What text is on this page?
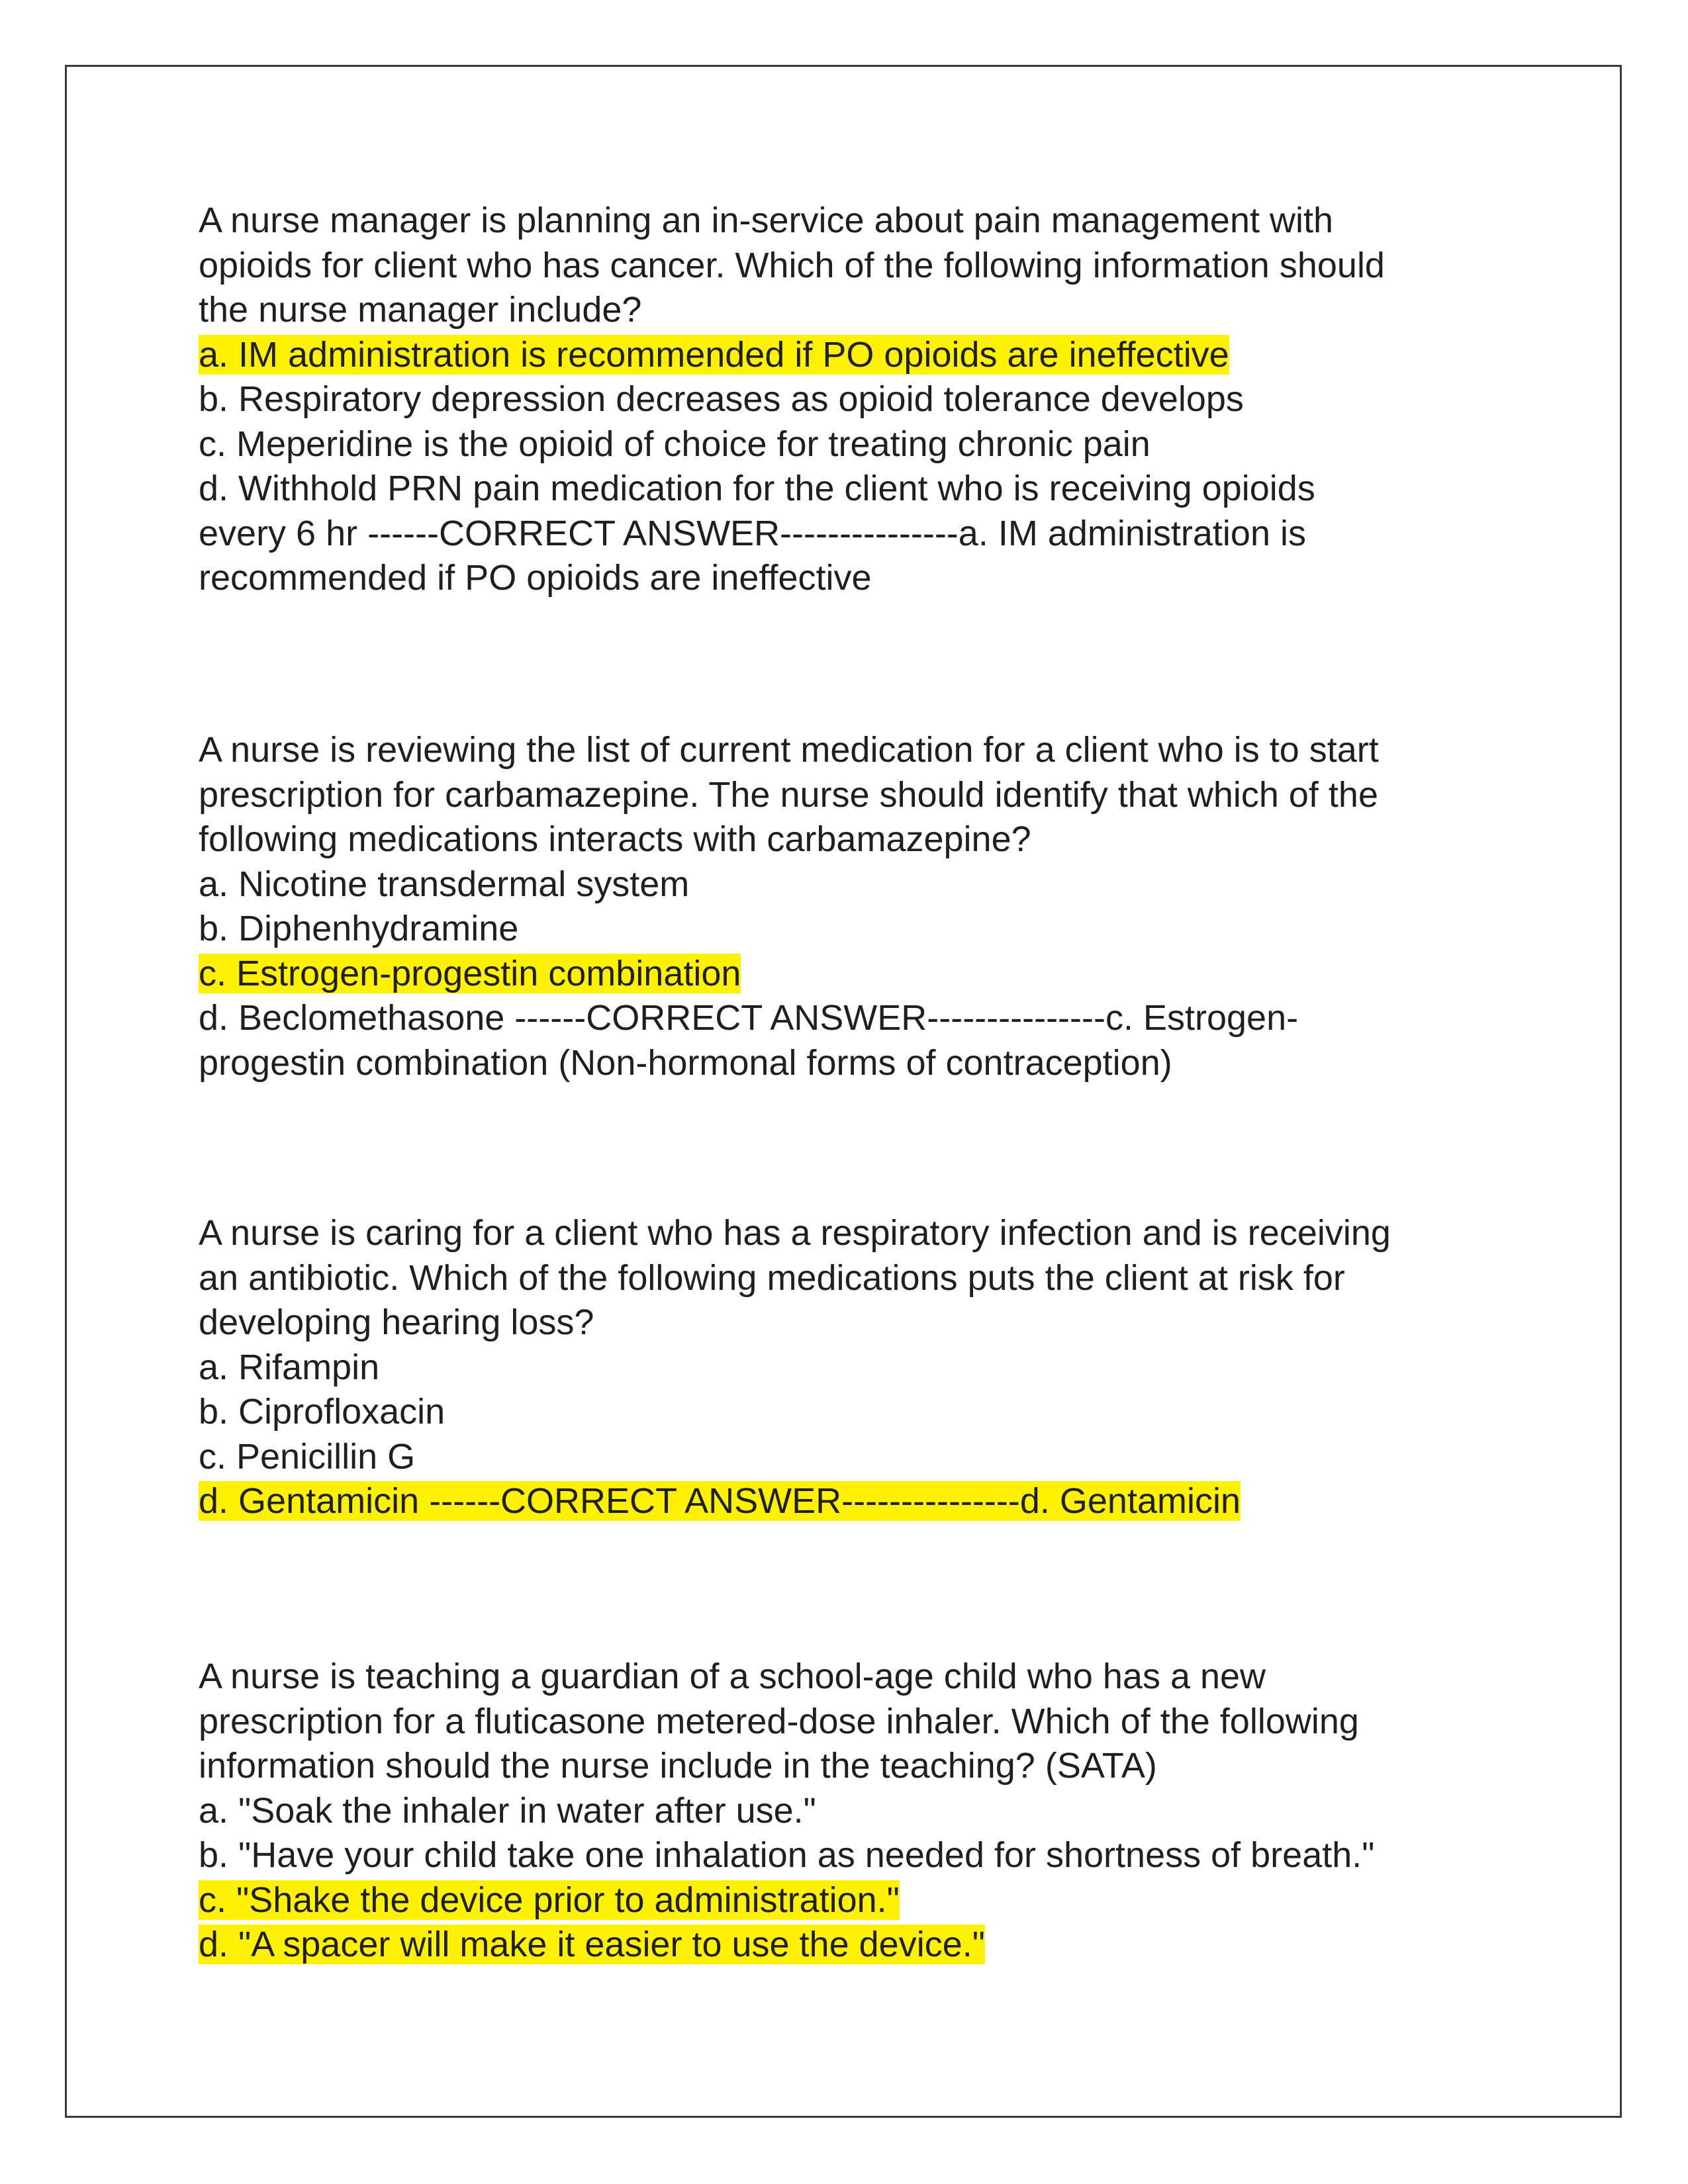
A nurse manager is planning an in-service about pain management with

opioids for client who has cancer. Which of the following information should

the nurse manager include?

a. IM administration is recommended if PO opioids are ineffective

b. Respiratory depression decreases as opioid tolerance develops

c. Meperidine is the opioid of choice for treating chronic pain

d. Withhold PRN pain medication for the client who is receiving opioids

every 6 hr ------CORRECT ANSWER---------------a. IM administration is

recommended if PO opioids are ineffective

A nurse is reviewing the list of current medication for a client who is to start

prescription for carbamazepine. The nurse should identify that which of the

following medications interacts with carbamazepine?

a. Nicotine transdermal system

b. Diphenhydramine

c. Estrogen-progestin combination

d. Beclomethasone ------CORRECT ANSWER---------------c. Estrogen-

progestin combination (Non-hormonal forms of contraception)

A nurse is caring for a client who has a respiratory infection and is receiving

an antibiotic. Which of the following medications puts the client at risk for

developing hearing loss?

a. Rifampin

b. Ciprofloxacin

c. Penicillin G

d. Gentamicin ------CORRECT ANSWER---------------d. Gentamicin

A nurse is teaching a guardian of a school-age child who has a new

prescription for a fluticasone metered-dose inhaler. Which of the following

information should the nurse include in the teaching? (SATA)

a. "Soak the inhaler in water after use."

b. "Have your child take one inhalation as needed for shortness of breath."

c. "Shake the device prior to administration."

d. "A spacer will make it easier to use the device."
